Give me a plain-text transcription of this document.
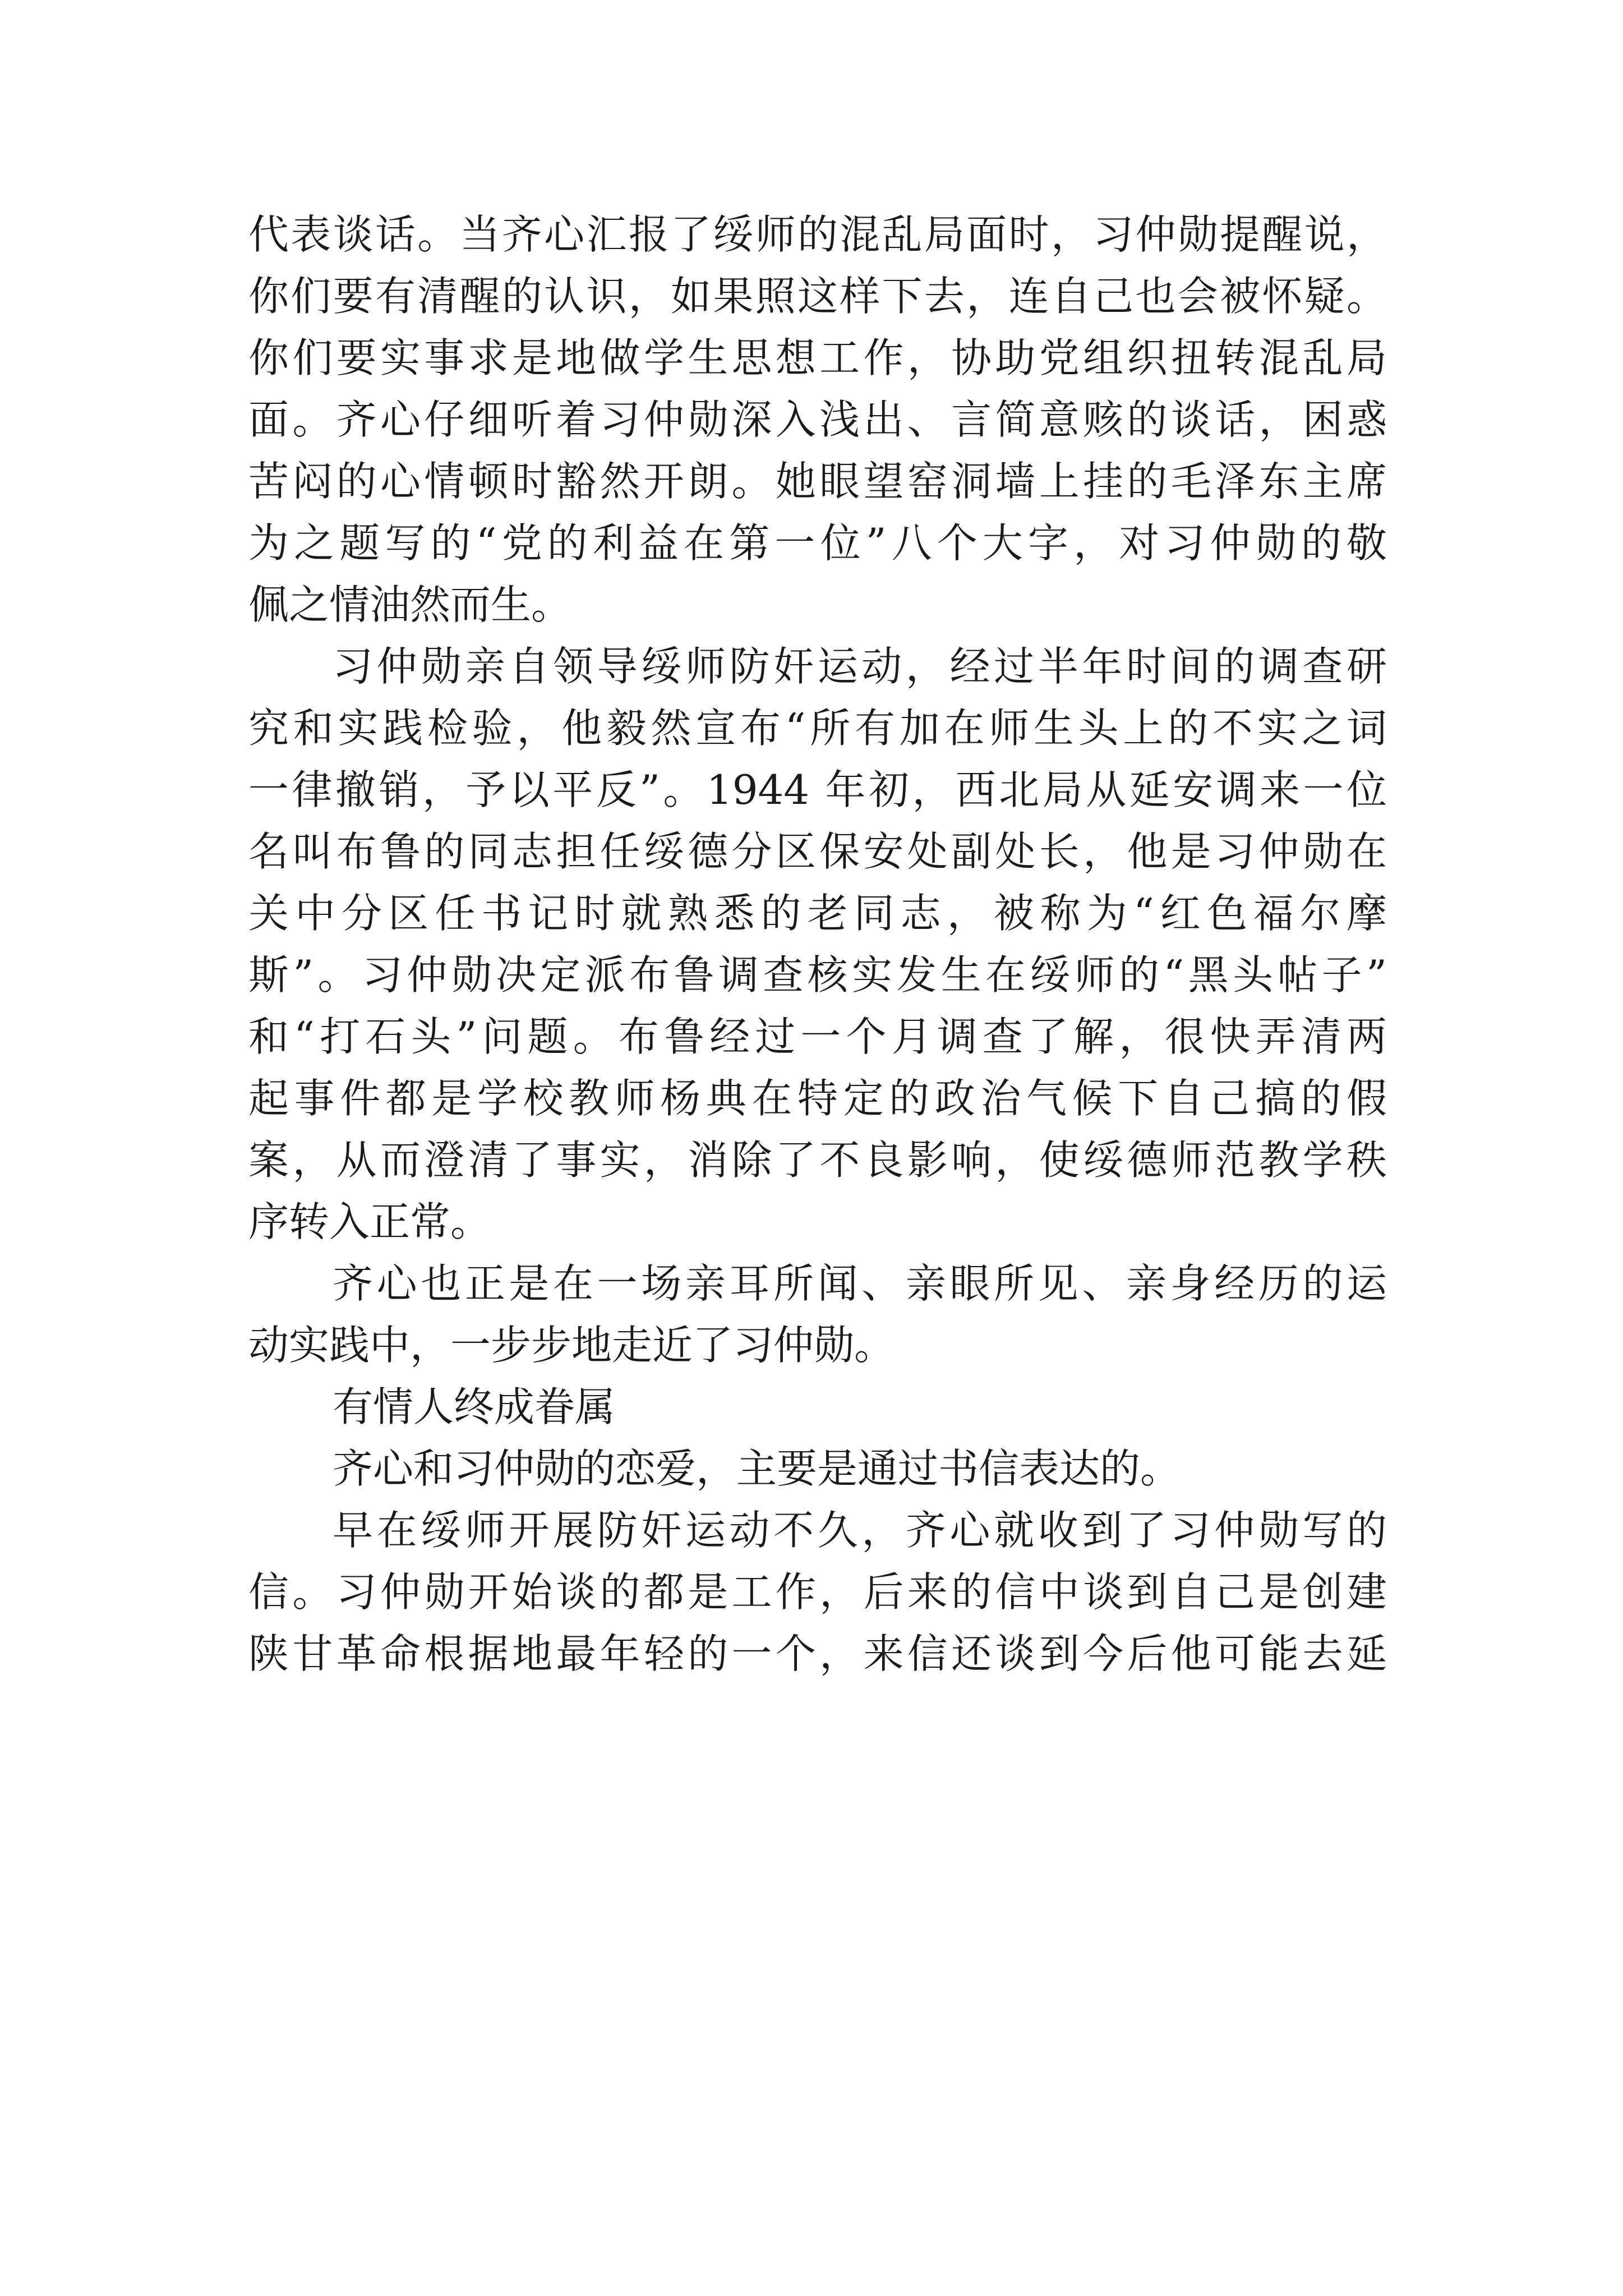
代表谈话。当齐心汇报了绥师的混乱局面时，习仲勋提醒说，
你们要有清醒的认识，如果照这样下去，连自己也会被怀疑。
你们要实事求是地做学生思想工作，协助党组织扭转混乱局
面。齐心仔细听着习仲勋深入浅出、言简意赅的谈话，困惑
苦闷的心情顿时豁然开朗。她眼望窑洞墙上挂的毛泽东主席
为之题写的“党的利益在第一位”八个大字，对习仲勋的敬
佩之情油然而生。
习仲勋亲自领导绥师防奸运动，经过半年时间的调查研
究和实践检验，他毅然宣布“所有加在师生头上的不实之词
一律撤销，予以平反”。1944 年初，西北局从延安调来一位
名叫布鲁的同志担任绥德分区保安处副处长，他是习仲勋在
关中分区任书记时就熟悉的老同志，被称为“红色福尔摩
斯”。习仲勋决定派布鲁调查核实发生在绥师的“黑头帖子”
和“打石头”问题。布鲁经过一个月调查了解，很快弄清两
起事件都是学校教师杨典在特定的政治气候下自己搞的假
案，从而澄清了事实，消除了不良影响，使绥德师范教学秩
序转入正常。
齐心也正是在一场亲耳所闻、亲眼所见、亲身经历的运
动实践中，一步步地走近了习仲勋。
有情人终成眷属
齐心和习仲勋的恋爱，主要是通过书信表达的。
早在绥师开展防奸运动不久，齐心就收到了习仲勋写的
信。习仲勋开始谈的都是工作，后来的信中谈到自己是创建
陕甘革命根据地最年轻的一个，来信还谈到今后他可能去延
